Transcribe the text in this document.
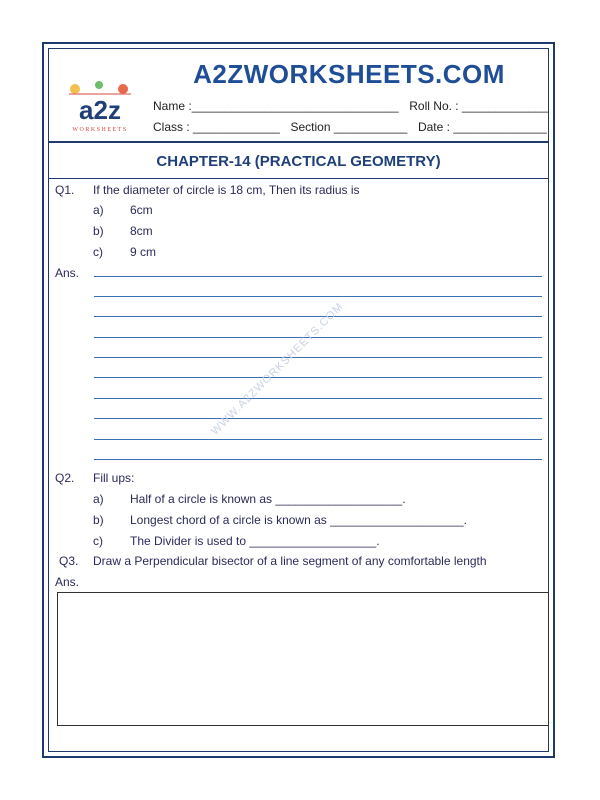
A2ZWORKSHEETS.COM
a2z
WORKSHEETS
Name :_______________________________ Roll No. : _____________
Class : _____________ Section ___________ Date : ______________
CHAPTER-14 (PRACTICAL GEOMETRY)
Q1. If the diameter of circle is 18 cm, Then its radius is
a) 6cm
b) 8cm
c) 9 cm
Ans.
WWW.A2ZWORKSHEETS.COM
Q2. Fill ups:
a) Half of a circle is known as ___________________.
b) Longest chord of a circle is known as ____________________.
c) The Divider is used to ___________________.
Q3. Draw a Perpendicular bisector of a line segment of any comfortable length
Ans.
